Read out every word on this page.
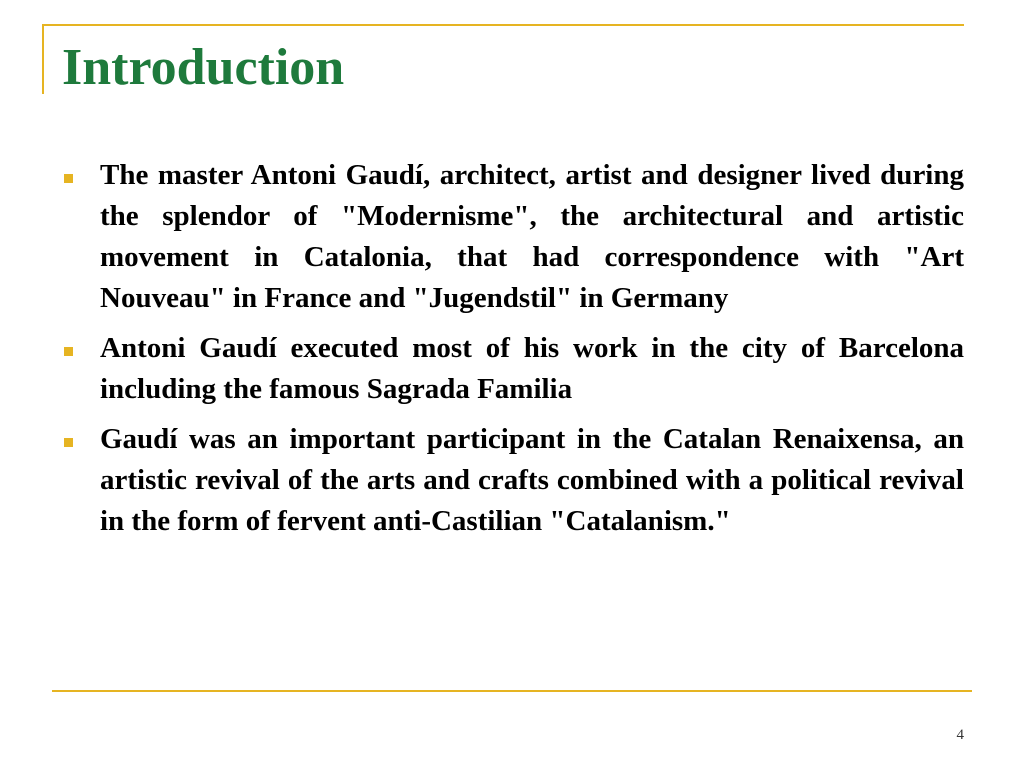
Introduction
The master Antoni Gaudí, architect, artist and designer lived during the splendor of "Modernisme", the architectural and artistic movement in Catalonia, that had correspondence with "Art Nouveau" in France and "Jugendstil" in Germany
Antoni Gaudí executed most of his work in the city of Barcelona including the famous Sagrada Familia
Gaudí was an important participant in the Catalan Renaixensa, an artistic revival of the arts and crafts combined with a political revival in the form of fervent anti-Castilian "Catalanism."
4
